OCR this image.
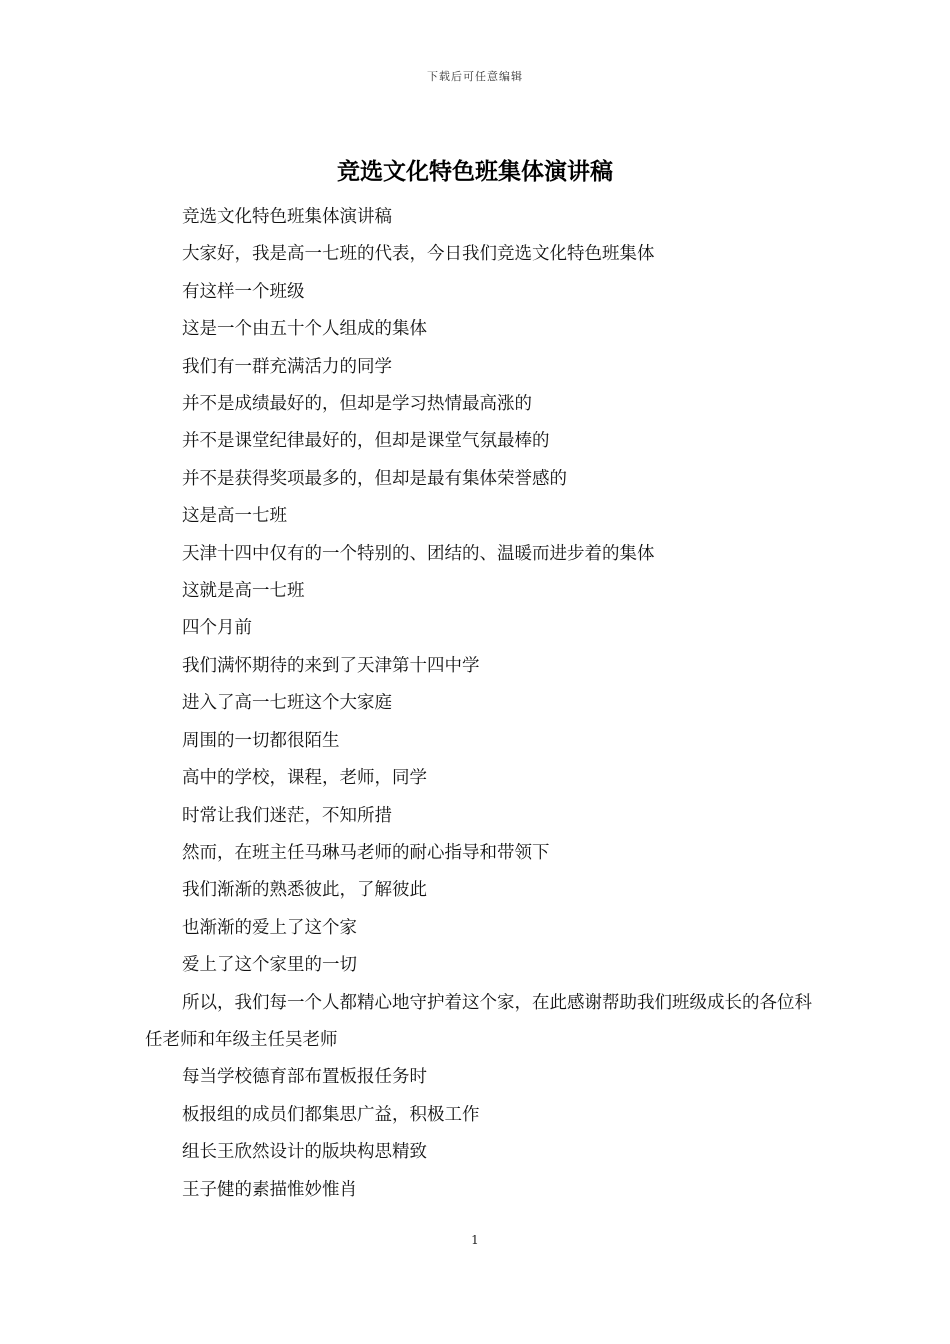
下载后可任意编辑
竞选文化特色班集体演讲稿
竞选文化特色班集体演讲稿
大家好，我是高一七班的代表，今日我们竞选文化特色班集体
有这样一个班级
这是一个由五十个人组成的集体
我们有一群充满活力的同学
并不是成绩最好的，但却是学习热情最高涨的
并不是课堂纪律最好的，但却是课堂气氛最棒的
并不是获得奖项最多的，但却是最有集体荣誉感的
这是高一七班
天津十四中仅有的一个特别的、团结的、温暖而进步着的集体
这就是高一七班
四个月前
我们满怀期待的来到了天津第十四中学
进入了高一七班这个大家庭
周围的一切都很陌生
高中的学校，课程，老师，同学
时常让我们迷茫，不知所措
然而，在班主任马琳马老师的耐心指导和带领下
我们渐渐的熟悉彼此，了解彼此
也渐渐的爱上了这个家
爱上了这个家里的一切
所以，我们每一个人都精心地守护着这个家，在此感谢帮助我们班级成长的各位科任老师和年级主任吴老师
每当学校德育部布置板报任务时
板报组的成员们都集思广益，积极工作
组长王欣然设计的版块构思精致
王子健的素描惟妙惟肖
1
